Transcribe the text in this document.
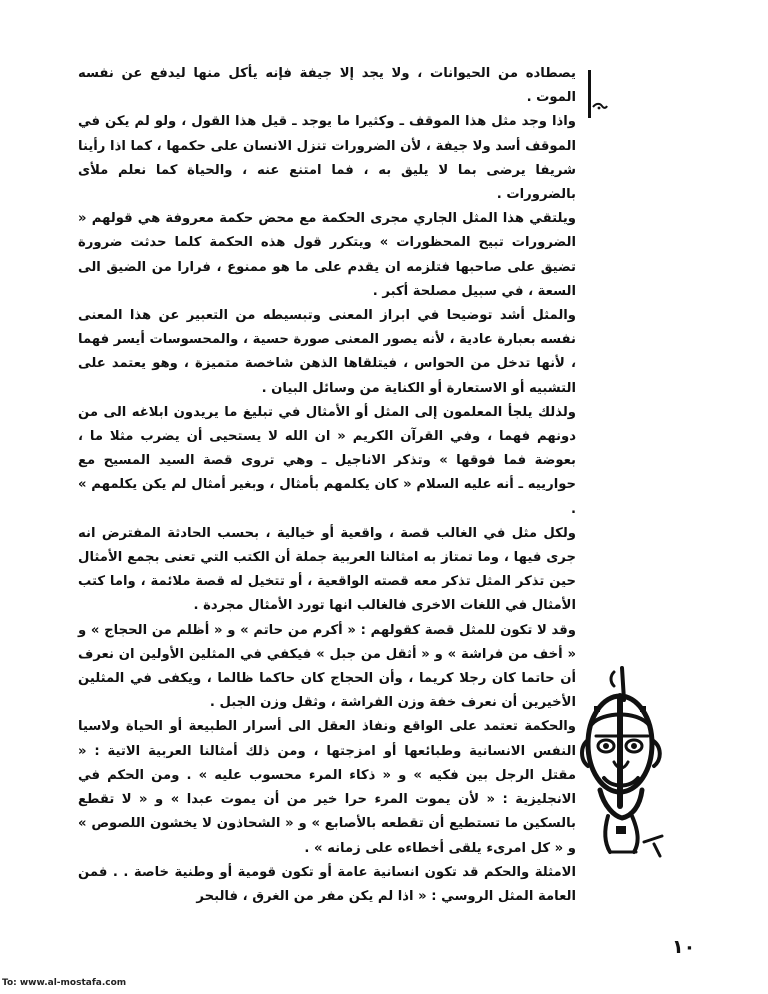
يصطاده من الحيوانات ، ولا يجد إلا جيفة فإنه يأكل منها ليدفع عن نفسه الموت .

واذا وجد مثل هذا الموقف ـ وكثيرا ما يوجد ـ قيل هذا القول ، ولو لم يكن في الموقف أسد ولا جيفة ، لأن الضرورات تنزل الانسان على حكمها ، كما اذا رأينا شريفا يرضى بما لا يليق به ، فما امتنع عنه ، والحياة كما نعلم ملأى بالضرورات .

ويلتقي هذا المثل الجاري مجرى الحكمة مع محض حكمة معروفة هي قولهم « الضرورات تبيح المحظورات » ويتكرر قول هذه الحكمة كلما حدثت ضرورة تضيق على صاحبها فتلزمه ان يقدم على ما هو ممنوع ، فرارا من الضيق الى السعة ، في سبيل مصلحة أكبر .

والمثل أشد توضيحا في ابراز المعنى وتبسيطه من التعبير عن هذا المعنى نفسه بعبارة عادية ، لأنه يصور المعنى صورة حسية ، والمحسوسات أيسر فهما ، لأنها تدخل من الحواس ، فيتلقاها الذهن شاخصة متميزة ، وهو يعتمد على التشبيه أو الاستعارة أو الكناية من وسائل البيان .

ولذلك يلجأ المعلمون إلى المثل أو الأمثال في تبليغ ما يريدون ابلاغه الى من دونهم فهما ، وفي القرآن الكريم « ان الله لا يستحيى أن يضرب مثلا ما ، بعوضة فما فوقها » وتذكر الاناجيل ـ وهي تروى قصة السيد المسيح مع حوارييه ـ أنه عليه السلام « كان يكلمهم بأمثال ، وبغير أمثال لم يكن يكلمهم » .

ولكل مثل في الغالب قصة ، واقعية أو خيالية ، بحسب الحادثة المفترض انه جرى فيها ، وما تمتاز به امثالنا العربية جملة أن الكتب التي تعنى بجمع الأمثال حين تذكر المثل تذكر معه قصته الواقعية ، أو تتخيل له قصة ملائمة ، واما كتب الأمثال في اللغات الاخرى فالغالب انها تورد الأمثال مجردة .

وقد لا تكون للمثل قصة كقولهم : « أكرم من حاتم » و « أظلم من الحجاج » و « أخف من فراشة » و « أثقل من جبل » فيكفي في المثلين الأولين ان نعرف أن حاتما كان رجلا كريما ، وأن الحجاج كان حاكما ظالما ، ويكفى في المثلين الأخيرين أن نعرف خفة وزن الفراشة ، وثقل وزن الجبل .

والحكمة تعتمد على الواقع ونفاذ العقل الى أسرار الطبيعة أو الحياة ولاسيا النفس الانسانية وطبائعها أو امزجتها ، ومن ذلك أمثالنا العربية الاتية : « مقتل الرجل بين فكيه » و « ذكاء المرء محسوب عليه » . ومن الحكم في الانجليزية : « لأن يموت المرء حرا خير من أن يموت عبدا » و « لا تقطع بالسكين ما تستطيع أن تقطعه بالأصابع » و « الشحاذون لا يخشون اللصوص » و « كل امرىء يلقى أخطاءه على زمانه » .

الامثلة والحكم قد تكون انسانية عامة أو تكون قومية أو وطنية خاصة . . فمن العامة المثل الروسي : « اذا لم يكن مفر من الغرق ، فالبحر

١٠
To: www.al-mostafa.com
